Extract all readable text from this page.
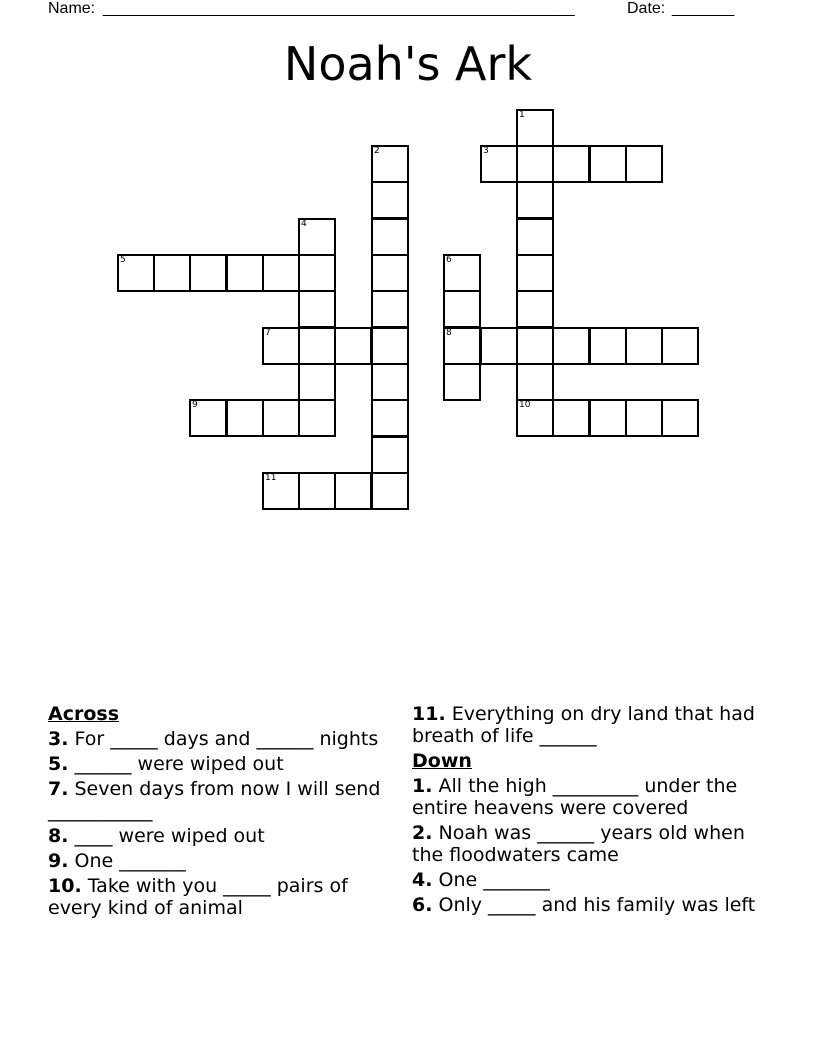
Name: _____________________________________________________	Date: _______
Noah's Ark
1
10
3
2
4
5	6
8
7
9
11
Across
3. For _____ days and ______ nights
5. ______ were wiped out
7. Seven days from now I will send ___________
8. ____ were wiped out
9. One _______
10. Take with you _____ pairs of every kind of animal
11. Everything on dry land that had breath of life ______
Down
1. All the high _________ under the entire heavens were covered
2. Noah was ______ years old when the floodwaters came
4. One _______
6. Only _____ and his family was left
